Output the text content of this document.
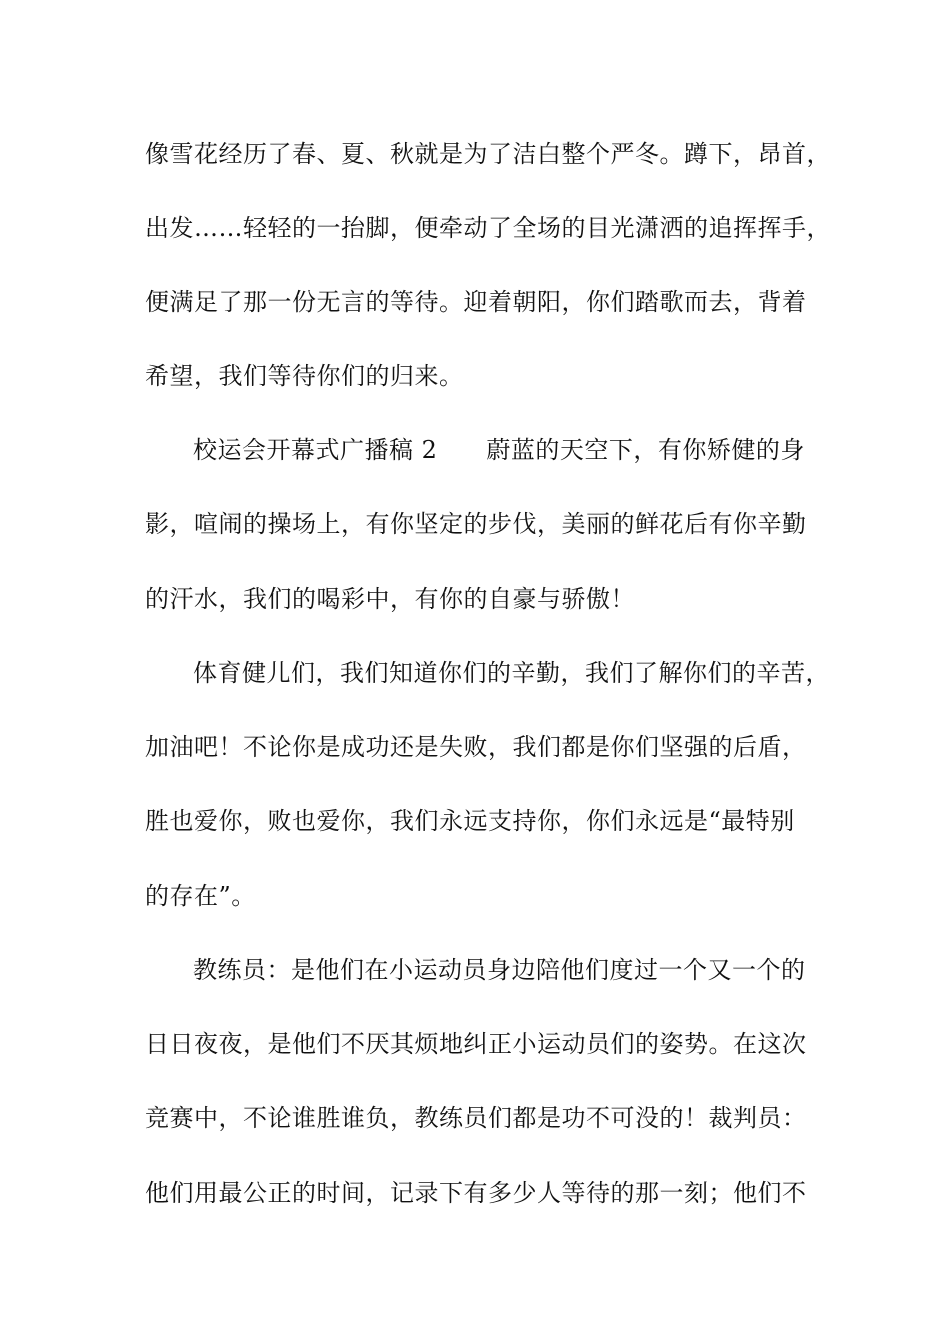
像雪花经历了春、夏、秋就是为了洁白整个严冬。蹲下，昂首，
出发……轻轻的一抬脚，便牵动了全场的目光潇洒的追挥挥手，
便满足了那一份无言的等待。迎着朝阳，你们踏歌而去，背着
希望，我们等待你们的归来。
校运会开幕式广播稿 2　　蔚蓝的天空下，有你矫健的身
影，喧闹的操场上，有你坚定的步伐，美丽的鲜花后有你辛勤
的汗水，我们的喝彩中，有你的自豪与骄傲！
体育健儿们，我们知道你们的辛勤，我们了解你们的辛苦，
加油吧！不论你是成功还是失败，我们都是你们坚强的后盾，
胜也爱你，败也爱你，我们永远支持你，你们永远是“最特别
的存在”。
教练员：是他们在小运动员身边陪他们度过一个又一个的
日日夜夜，是他们不厌其烦地纠正小运动员们的姿势。在这次
竞赛中，不论谁胜谁负，教练员们都是功不可没的！裁判员：
他们用最公正的时间，记录下有多少人等待的那一刻；他们不
